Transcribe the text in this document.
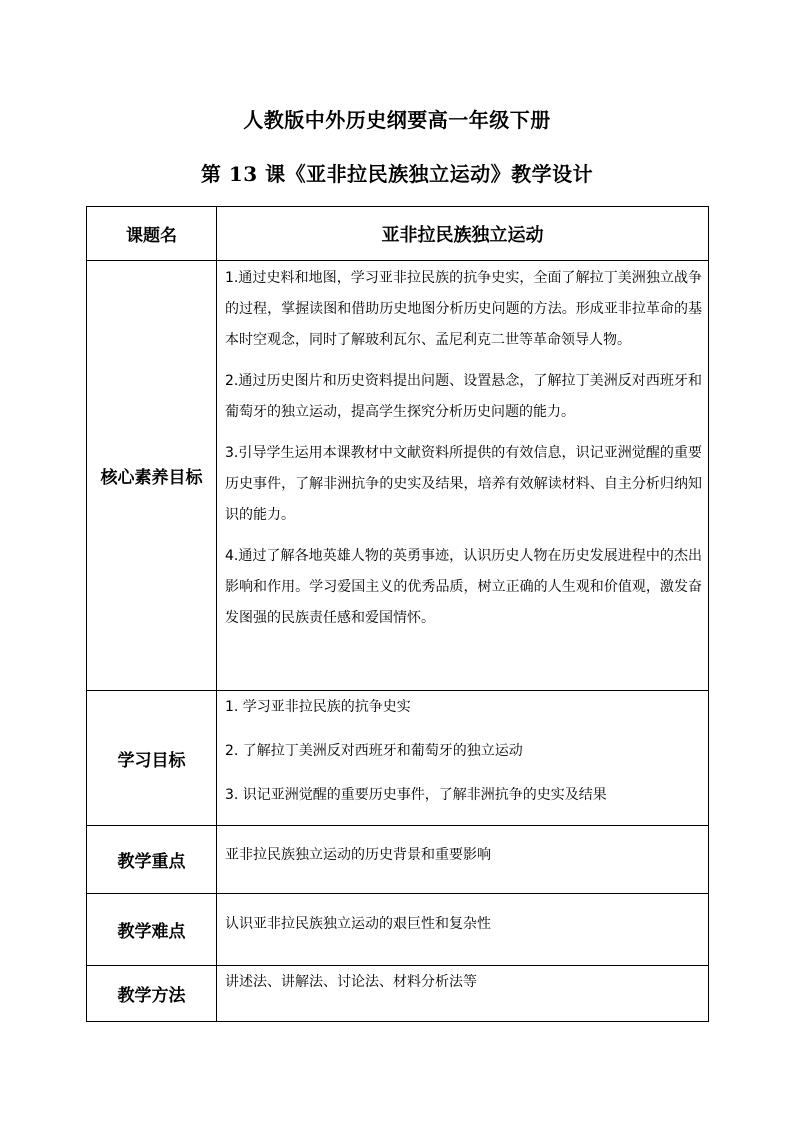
人教版中外历史纲要高一年级下册
第 13 课《亚非拉民族独立运动》教学设计
课题名	亚非拉民族独立运动
核心素养目标	1.通过史料和地图，学习亚非拉民族的抗争史实，全面了解拉丁美洲独立战争的过程，掌握读图和借助历史地图分析历史问题的方法。形成亚非拉革命的基本时空观念，同时了解玻利瓦尔、孟尼利克二世等革命领导人物。

2.通过历史图片和历史资料提出问题、设置悬念，了解拉丁美洲反对西班牙和葡萄牙的独立运动，提高学生探究分析历史问题的能力。

3.引导学生运用本课教材中文献资料所提供的有效信息，识记亚洲觉醒的重要历史事件，了解非洲抗争的史实及结果，培养有效解读材料、自主分析归纳知识的能力。

4.通过了解各地英雄人物的英勇事迹，认识历史人物在历史发展进程中的杰出影响和作用。学习爱国主义的优秀品质，树立正确的人生观和价值观，激发奋发图强的民族责任感和爱国情怀。

学习目标	1. 学习亚非拉民族的抗争史实

2. 了解拉丁美洲反对西班牙和葡萄牙的独立运动

3. 识记亚洲觉醒的重要历史事件，了解非洲抗争的史实及结果

教学重点	亚非拉民族独立运动的历史背景和重要影响

教学难点	认识亚非拉民族独立运动的艰巨性和复杂性

教学方法	讲述法、讲解法、讨论法、材料分析法等
